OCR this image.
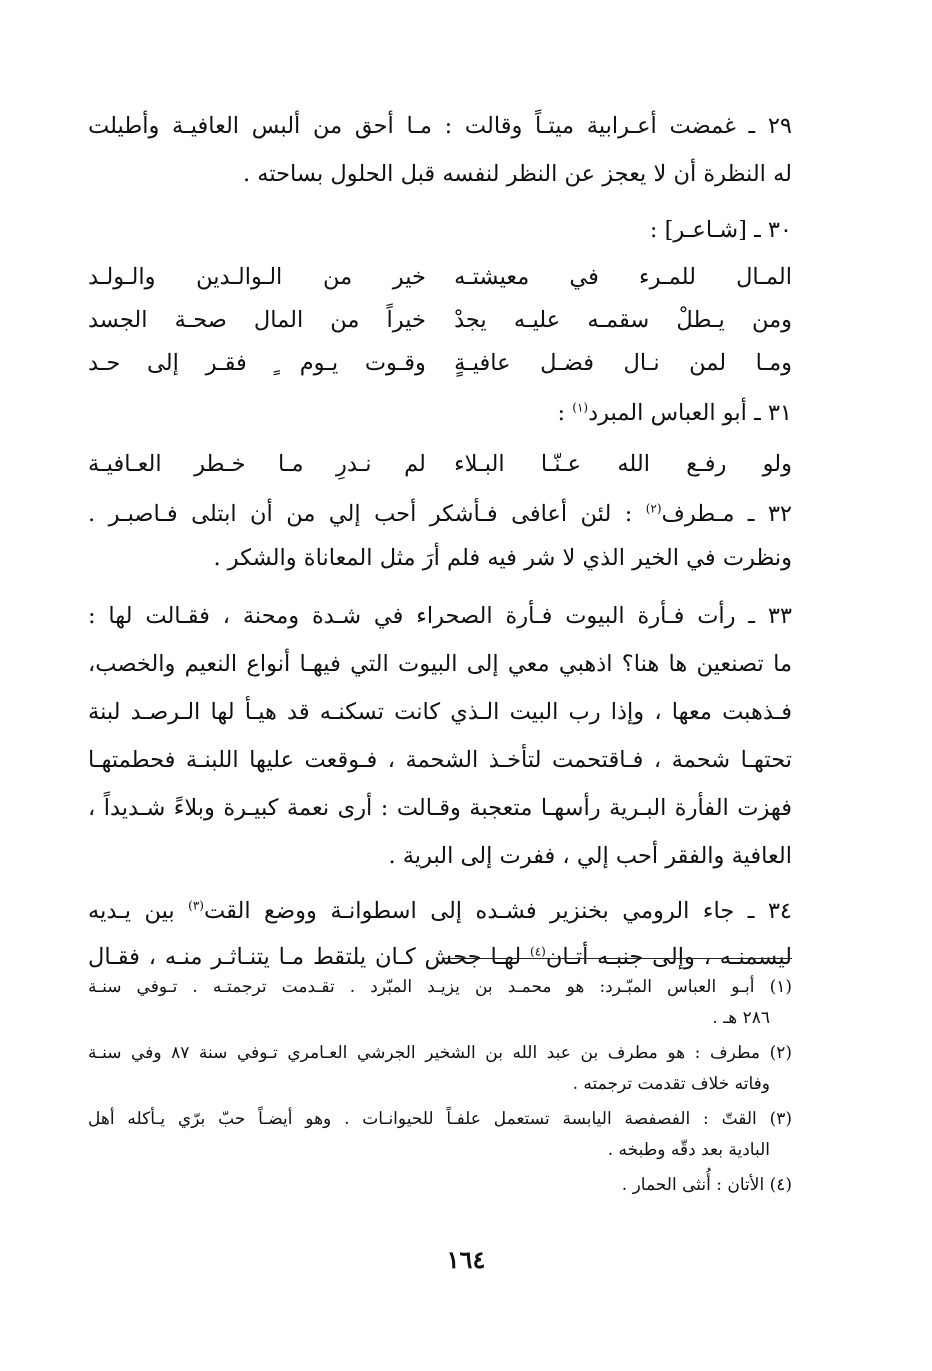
٢٩ ـ غمضت أعـرابية ميتـاً وقالت : مـا أحق من ألبس العافيـة وأطيلت
له النظرة أن لا يعجز عن النظر لنفسه قبل الحلول بساحته .

٣٠ ـ [شـاعـر] :

المـال للمـرء في معيشتـه
خير من الـوالـدين والـولـد
ومن يـطلْ سقمـه عليـه يجدْ
خيراً من المال صحـة الجسد
ومـا لمن نـال فضـل عافيـةٍ
وقـوت يـوم ٍ فقـر إلى حـد

٣١ ـ أبو العباس المبرد$^{(١)}$ :

ولو رفـع الله عـنّـا البـلاء
لم نـدرِ مـا خـطر العـافيـة

٣٢ ـ مـطرف$^{(٢)}$ : لئن أعافى فـأشكر أحب إلي من أن ابتلى فـاصبـر .
ونظرت في الخير الذي لا شر فيه فلم أرَ مثل المعاناة والشكر .

٣٣ ـ رأت فـأرة البيوت فـأرة الصحراء في شـدة ومحنة ، فقـالت لها :
ما تصنعين ها هنا؟ اذهبي معي إلى البيوت التي فيهـا أنواع النعيم والخصب،
فـذهبت معها ، وإذا رب البيت الـذي كانت تسكنـه قد هيـأ لها الـرصـد لبنة
تحتهـا شحمة ، فـاقتحمت لتأخـذ الشحمة ، فـوقعت عليها اللبنـة فحطمتهـا
فهزت الفأرة البـرية رأسهـا متعجبة وقـالت : أرى نعمة كبيـرة وبلاءً شـديداً ،
العافية والفقر أحب إلي ، ففرت إلى البرية .

٣٤ ـ جاء الرومي بخنزير فشـده إلى اسطوانـة ووضع القت$^{(٣)}$ بين يـديه
ليسمنـه ، وإلى جنبـه أتـان$^{(٤)}$ لهـا جحش كـان يلتقط مـا يتنـاثـر منـه ، فقـال

(١) أبـو العباس المبّـرد: هو محمـد بن يزيـد المبّرد . تقـدمت ترجمتـه . تـوفي سنـة
٢٨٦ هـ .

(٢) مطرف : هو مطرف بن عبد الله بن الشخير الجرشي العـامري تـوفي سنة ٨٧ وفي سنـة
وفاته خلاف تقدمت ترجمته .

(٣) القتّ : الفصفصة اليابسة تستعمل علفـاً للحيوانـات . وهو أيضـاً حبّ برّي يـأكله أهل
البادية بعد دقّه وطبخه .

(٤) الأتان : أُنثى الحمار .

١٦٤
